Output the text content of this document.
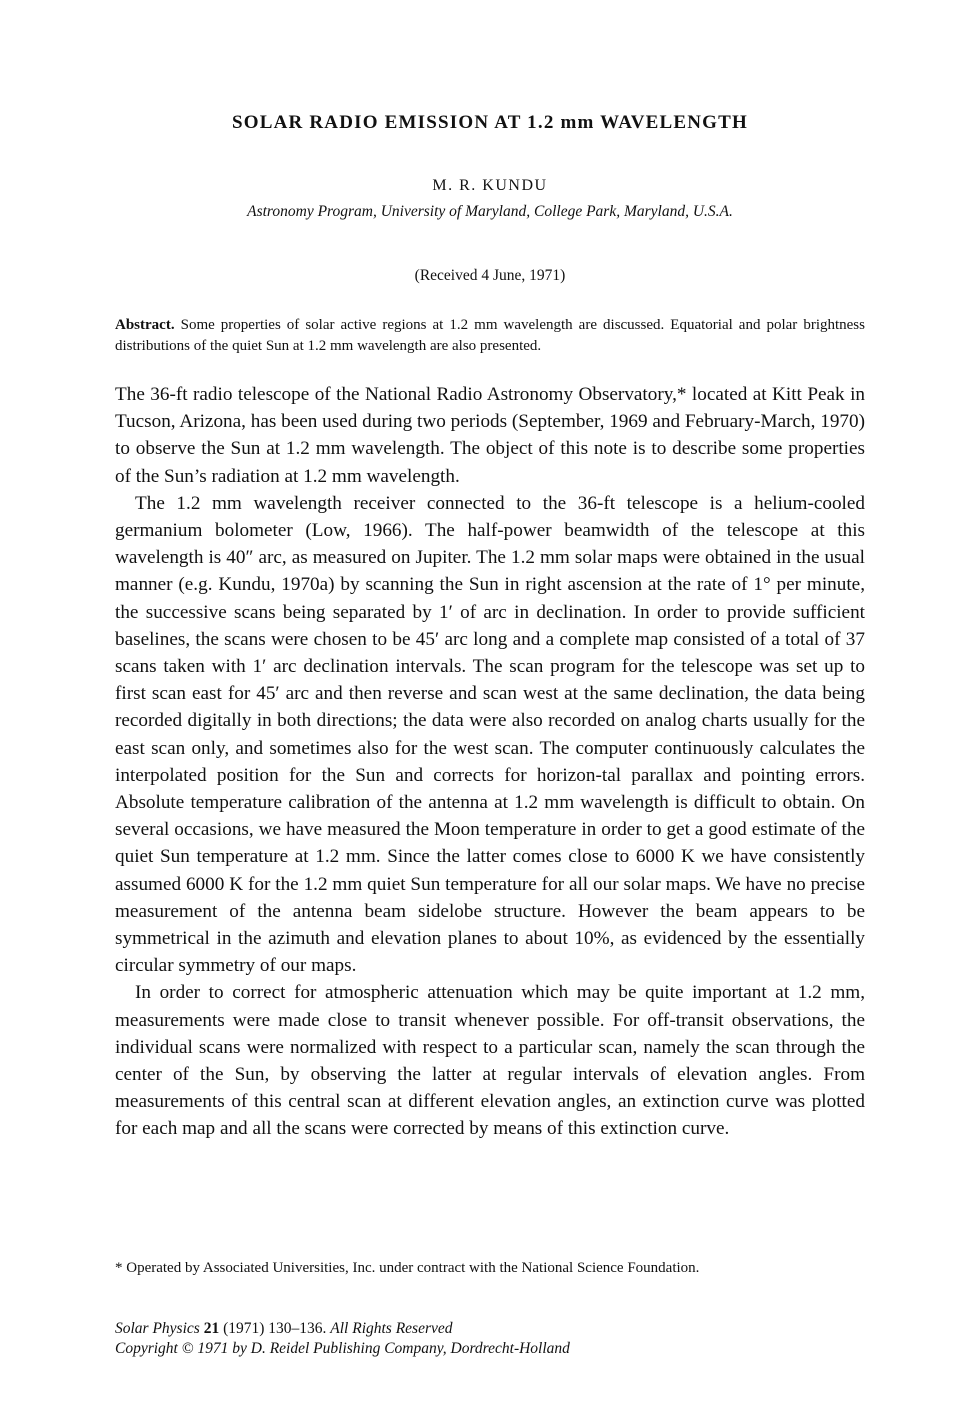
SOLAR RADIO EMISSION AT 1.2 mm WAVELENGTH
M. R. KUNDU
Astronomy Program, University of Maryland, College Park, Maryland, U.S.A.
(Received 4 June, 1971)
Abstract. Some properties of solar active regions at 1.2 mm wavelength are discussed. Equatorial and polar brightness distributions of the quiet Sun at 1.2 mm wavelength are also presented.

The 36-ft radio telescope of the National Radio Astronomy Observatory,* located at Kitt Peak in Tucson, Arizona, has been used during two periods (September, 1969 and February-March, 1970) to observe the Sun at 1.2 mm wavelength. The object of this note is to describe some properties of the Sun’s radiation at 1.2 mm wavelength.

The 1.2 mm wavelength receiver connected to the 36-ft telescope is a helium-cooled germanium bolometer (Low, 1966). The half-power beamwidth of the telescope at this wavelength is 40″ arc, as measured on Jupiter. The 1.2 mm solar maps were obtained in the usual manner (e.g. Kundu, 1970a) by scanning the Sun in right ascension at the rate of 1° per minute, the successive scans being separated by 1′ of arc in declination. In order to provide sufficient baselines, the scans were chosen to be 45′ arc long and a complete map consisted of a total of 37 scans taken with 1′ arc declination intervals. The scan program for the telescope was set up to first scan east for 45′ arc and then reverse and scan west at the same declination, the data being recorded digitally in both directions; the data were also recorded on analog charts usually for the east scan only, and sometimes also for the west scan. The computer continuously calculates the interpolated position for the Sun and corrects for horizon-tal parallax and pointing errors. Absolute temperature calibration of the antenna at 1.2 mm wavelength is difficult to obtain. On several occasions, we have measured the Moon temperature in order to get a good estimate of the quiet Sun temperature at 1.2 mm. Since the latter comes close to 6000 K we have consistently assumed 6000 K for the 1.2 mm quiet Sun temperature for all our solar maps. We have no precise measurement of the antenna beam sidelobe structure. However the beam appears to be symmetrical in the azimuth and elevation planes to about 10%, as evidenced by the essentially circular symmetry of our maps.

In order to correct for atmospheric attenuation which may be quite important at 1.2 mm, measurements were made close to transit whenever possible. For off-transit observations, the individual scans were normalized with respect to a particular scan, namely the scan through the center of the Sun, by observing the latter at regular intervals of elevation angles. From measurements of this central scan at different elevation angles, an extinction curve was plotted for each map and all the scans were corrected by means of this extinction curve.

* Operated by Associated Universities, Inc. under contract with the National Science Foundation.
Solar Physics 21 (1971) 130–136. All Rights Reserved
Copyright © 1971 by D. Reidel Publishing Company, Dordrecht-Holland
